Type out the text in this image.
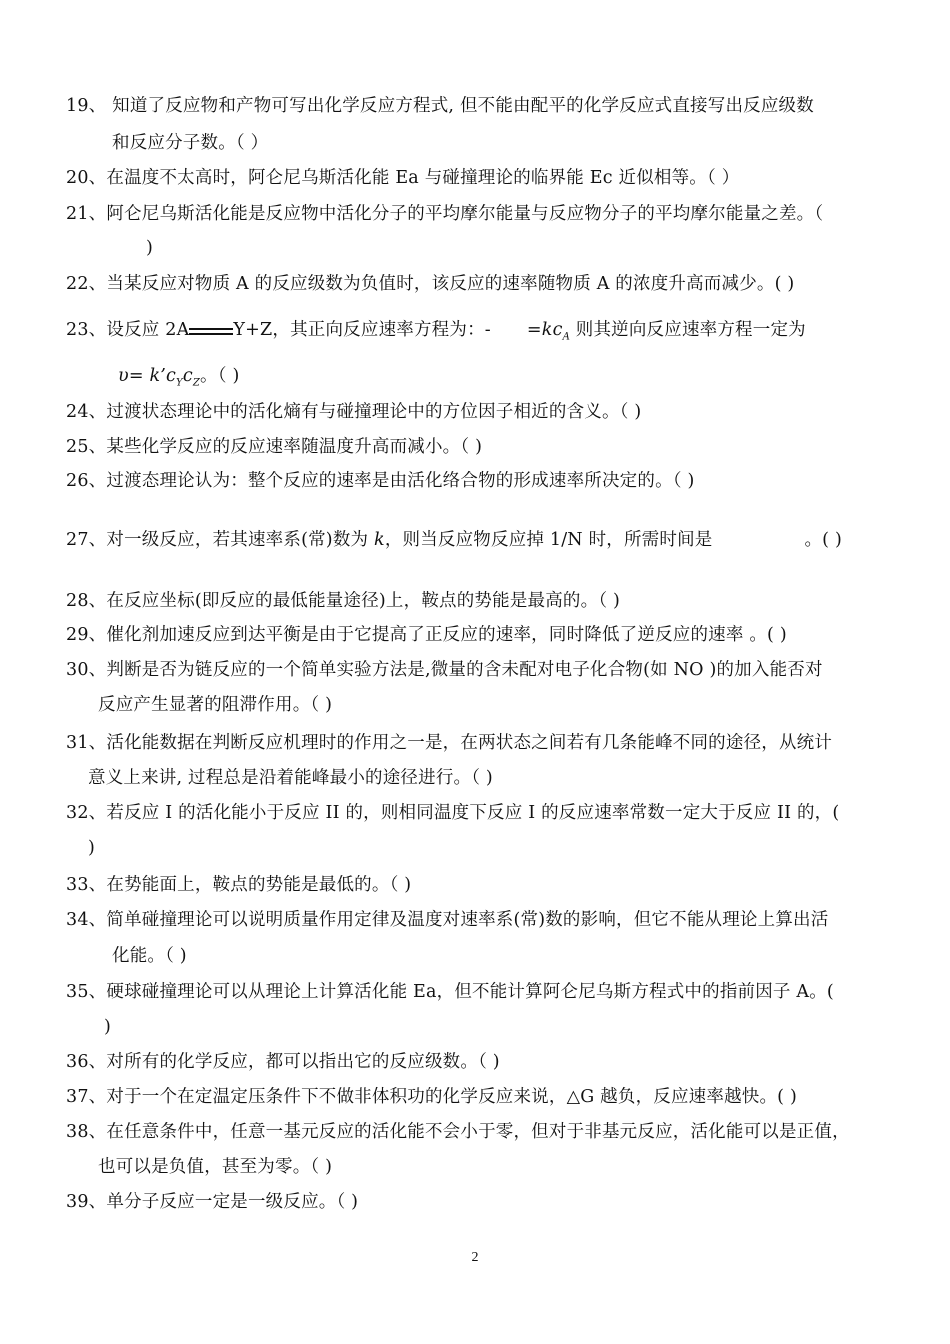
19、 知道了反应物和产物可写出化学反应方程式, 但不能由配平的化学反应式直接写出反应级数
和反应分子数。（ ）
20、在温度不太高时，阿仑尼乌斯活化能 Ea 与碰撞理论的临界能 Ec 近似相等。（ ）
21、阿仑尼乌斯活化能是反应物中活化分子的平均摩尔能量与反应物分子的平均摩尔能量之差。（
)
22、当某反应对物质 A 的反应级数为负值时，该反应的速率随物质 A 的浓度升高而减少。( )
23、设反应 2A	Y+Z，其正向反应速率方程为：- $=kc_A$ 则其逆向反应速率方程一定为
$\upsilon= k’c_Yc_Z$。（ )
24、过渡状态理论中的活化熵有与碰撞理论中的方位因子相近的含义。（ )
25、某些化学反应的反应速率随温度升高而减小。（ )
26、过渡态理论认为：整个反应的速率是由活化络合物的形成速率所决定的。（ )
27、对一级反应，若其速率系(常)数为 k，则当反应物反应掉 1/N 时，所需时间是	。( )
28、在反应坐标(即反应的最低能量途径)上，鞍点的势能是最高的。（ )
29、催化剂加速反应到达平衡是由于它提高了正反应的速率，同时降低了逆反应的速率 。( )
30、判断是否为链反应的一个简单实验方法是,微量的含未配对电子化合物(如 NO )的加入能否对
反应产生显著的阻滞作用。（ )
31、活化能数据在判断反应机理时的作用之一是，在两状态之间若有几条能峰不同的途径，从统计
意义上来讲, 过程总是沿着能峰最小的途径进行。（ )
32、若反应 I 的活化能小于反应 II 的，则相同温度下反应 I 的反应速率常数一定大于反应 II 的，(
)
33、在势能面上，鞍点的势能是最低的。（ )
34、简单碰撞理论可以说明质量作用定律及温度对速率系(常)数的影响，但它不能从理论上算出活
化能。（ )
35、硬球碰撞理论可以从理论上计算活化能 Ea，但不能计算阿仑尼乌斯方程式中的指前因子 A。(
)
36、对所有的化学反应，都可以指出它的反应级数。（ )
37、对于一个在定温定压条件下不做非体积功的化学反应来说，△G 越负，反应速率越快。( )
38、在任意条件中，任意一基元反应的活化能不会小于零，但对于非基元反应，活化能可以是正值，
也可以是负值，甚至为零。（ )
39、单分子反应一定是一级反应。（ )
2
